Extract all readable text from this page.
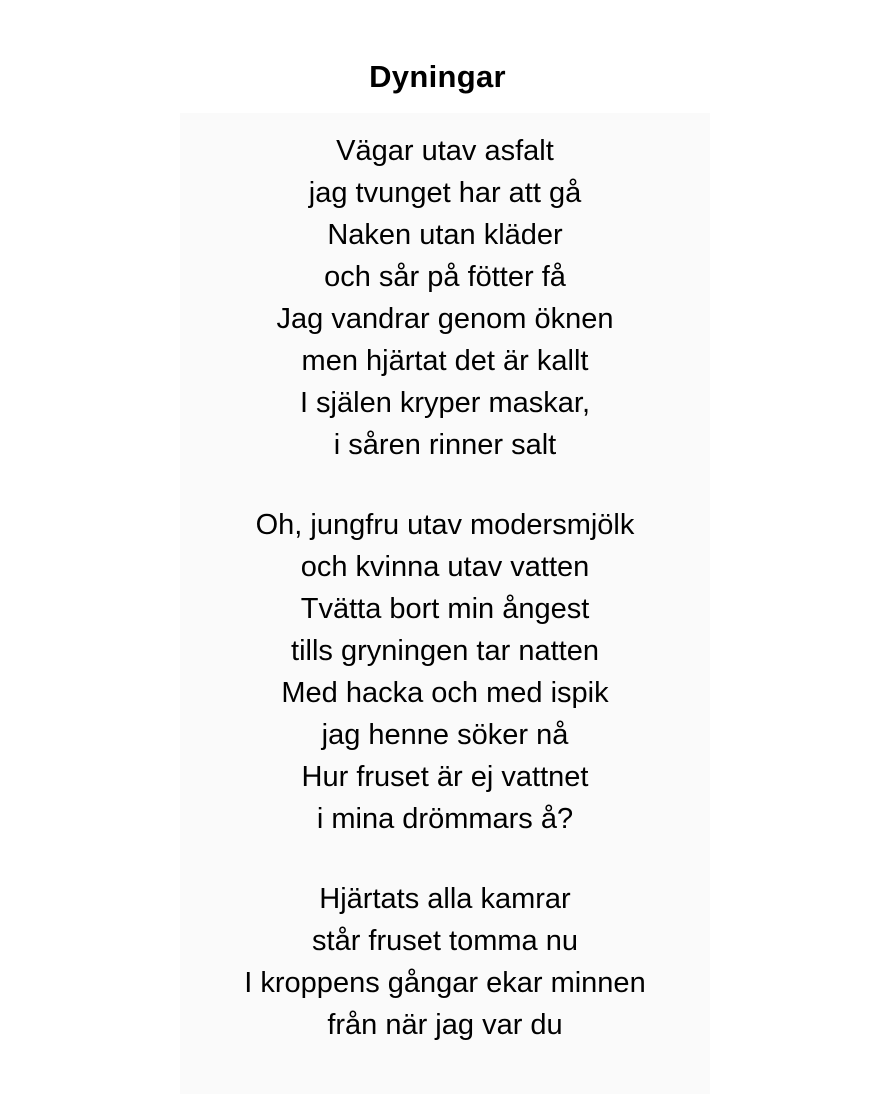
Dyningar
Vägar utav asfalt
jag tvunget har att gå
Naken utan kläder
och sår på fötter få
Jag vandrar genom öknen
men hjärtat det är kallt
I själen kryper maskar,
i såren rinner salt
Oh, jungfru utav modersmjölk
och kvinna utav vatten
Tvätta bort min ångest
tills gryningen tar natten
Med hacka och med ispik
jag henne söker nå
Hur fruset är ej vattnet
i mina drömmars å?
Hjärtats alla kamrar
står fruset tomma nu
I kroppens gångar ekar minnen
från när jag var du
